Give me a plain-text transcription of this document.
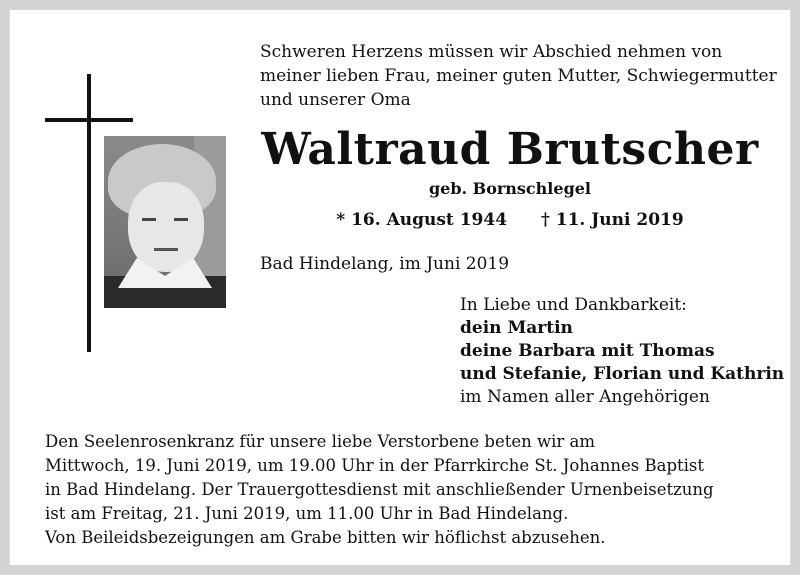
Schweren Herzens müssen wir Abschied nehmen von
meiner lieben Frau, meiner guten Mutter, Schwiegermutter
und unserer Oma
Waltraud Brutscher
geb. Bornschlegel
* 16. August 1944 † 11. Juni 2019
Bad Hindelang, im Juni 2019
In Liebe und Dankbarkeit:
dein Martin
deine Barbara mit Thomas
und Stefanie, Florian und Kathrin
im Namen aller Angehörigen
Den Seelenrosenkranz für unsere liebe Verstorbene beten wir am
Mittwoch, 19. Juni 2019, um 19.00 Uhr in der Pfarrkirche St. Johannes Baptist
in Bad Hindelang. Der Trauergottesdienst mit anschließender Urnenbeisetzung
ist am Freitag, 21. Juni 2019, um 11.00 Uhr in Bad Hindelang.
Von Beileidsbezeigungen am Grabe bitten wir höflichst abzusehen.
